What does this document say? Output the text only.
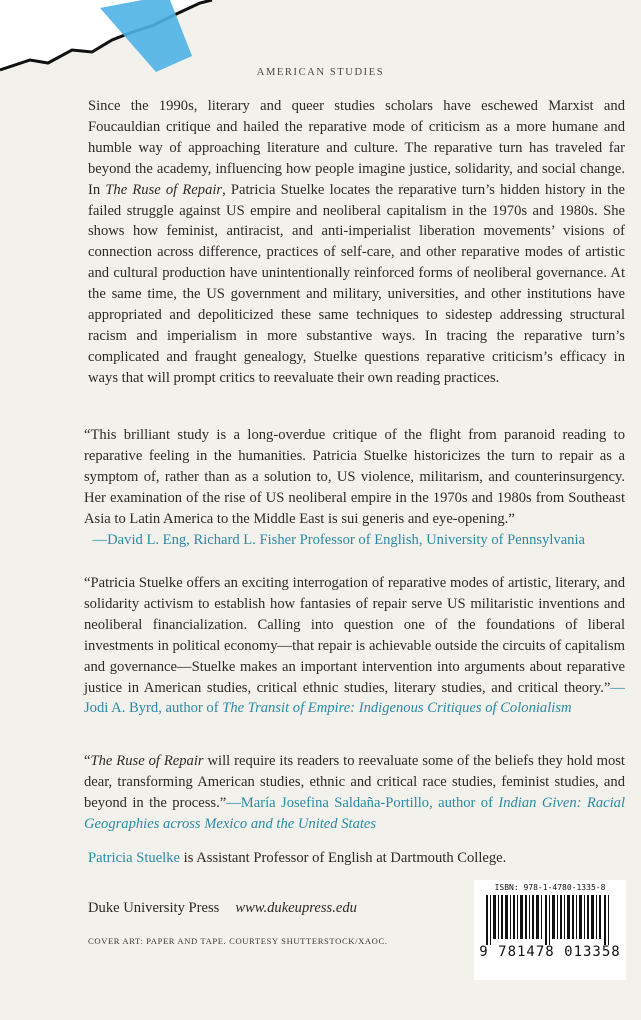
AMERICAN STUDIES

Since the 1990s, literary and queer studies scholars have eschewed Marxist and Foucauldian critique and hailed the reparative mode of criticism as a more humane and humble way of approaching literature and culture. The reparative turn has traveled far beyond the academy, influencing how people imagine justice, solidarity, and social change. In The Ruse of Repair, Patricia Stuelke locates the reparative turn’s hidden history in the failed struggle against US empire and neoliberal capitalism in the 1970s and 1980s. She shows how feminist, antiracist, and anti-imperialist liberation movements’ visions of connection across difference, practices of self-care, and other reparative modes of artistic and cultural production have unintentionally reinforced forms of neoliberal governance. At the same time, the US government and military, universities, and other institutions have appropriated and depoliticized these same techniques to sidestep addressing structural racism and imperialism in more substantive ways. In tracing the reparative turn’s complicated and fraught genealogy, Stuelke questions reparative criticism’s efficacy in ways that will prompt critics to reevaluate their own reading practices.

“This brilliant study is a long-overdue critique of the flight from paranoid reading to reparative feeling in the humanities. Patricia Stuelke historicizes the turn to repair as a symptom of, rather than as a solution to, US violence, militarism, and counterinsurgency. Her examination of the rise of US neoliberal empire in the 1970s and 1980s from Southeast Asia to Latin America to the Middle East is sui generis and eye-opening.”
—David L. Eng, Richard L. Fisher Professor of English, University of Pennsylvania

“Patricia Stuelke offers an exciting interrogation of reparative modes of artistic, literary, and solidarity activism to establish how fantasies of repair serve US militaristic inventions and neoliberal financialization. Calling into question one of the foundations of liberal investments in political economy—that repair is achievable outside the circuits of capitalism and governance—Stuelke makes an important intervention into arguments about reparative justice in American studies, critical ethnic studies, literary studies, and critical theory.”—Jodi A. Byrd, author of The Transit of Empire: Indigenous Critiques of Colonialism

“The Ruse of Repair will require its readers to reevaluate some of the beliefs they hold most dear, transforming American studies, ethnic and critical race studies, feminist studies, and beyond in the process.”—María Josefina Saldaña-Portillo, author of Indian Given: Racial Geographies across Mexico and the United States

Patricia Stuelke is Assistant Professor of English at Dartmouth College.

Duke University Press www.dukeupress.edu
COVER ART: PAPER AND TAPE. COURTESY SHUTTERSTOCK/XAOC.
ISBN: 978-1-4780-1335-8
9 781478 013358
